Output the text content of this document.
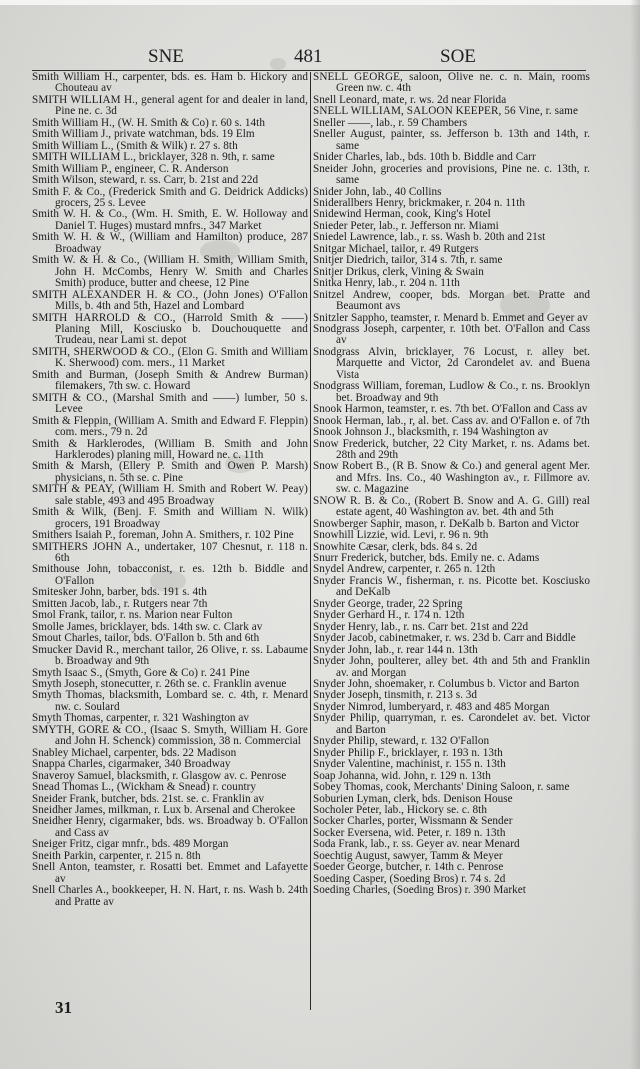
SNE	481	SOE

Smith William H., carpenter, bds. es. Ham b. Hickory and Chouteau av

SMITH WILLIAM H., general agent for and dealer in land, Pine ne. c. 3d

Smith William H., (W. H. Smith & Co) r. 60 s. 14th

Smith William J., private watchman, bds. 19 Elm

Smith William L., (Smith & Wilk) r. 27 s. 8th

SMITH WILLIAM L., bricklayer, 328 n. 9th, r. same

Smith William P., engineer, C. R. Anderson

Smith Wilson, steward, r. ss. Carr, b. 21st and 22d

Smith F. & Co., (Frederick Smith and G. Deidrick Addicks) grocers, 25 s. Levee

Smith W. H. & Co., (Wm. H. Smith, E. W. Holloway and Daniel T. Huges) mustard mnfrs., 347 Market

Smith W. H. & W., (William and Hamilton) produce, 287 Broadway

Smith W. & H. & Co., (William H. Smith, William Smith, John H. McCombs, Henry W. Smith and Charles Smith) produce, butter and cheese, 12 Pine

SMITH ALEXANDER H. & CO., (John Jones) O'Fallon Mills, b. 4th and 5th, Hazel and Lombard

SMITH HARROLD & CO., (Harrold Smith & ——) Planing Mill, Kosciusko b. Douchouquette and Trudeau, near Lami st. depot

SMITH, SHERWOOD & CO., (Elon G. Smith and William K. Sherwood) com. mers., 11 Market

Smith and Burman, (Joseph Smith & Andrew Burman) filemakers, 7th sw. c. Howard

SMITH & CO., (Marshal Smith and ——) lumber, 50 s. Levee

Smith & Fleppin, (William A. Smith and Edward F. Fleppin) com. mers., 79 n. 2d

Smith & Harklerodes, (William B. Smith and John Harklerodes) planing mill, Howard ne. c. 11th

Smith & Marsh, (Ellery P. Smith and Owen P. Marsh) physicians, n. 5th se. c. Pine

SMITH & PEAY, (William H. Smith and Robert W. Peay) sale stable, 493 and 495 Broadway

Smith & Wilk, (Benj. F. Smith and William N. Wilk) grocers, 191 Broadway

Smithers Isaiah P., foreman, John A. Smithers, r. 102 Pine

SMITHERS JOHN A., undertaker, 107 Chesnut, r. 118 n. 6th

Smithouse John, tobacconist, r. es. 12th b. Biddle and O'Fallon

Smitesker John, barber, bds. 191 s. 4th

Smitten Jacob, lab., r. Rutgers near 7th

Smol Frank, tailor, r. ns. Marion near Fulton

Smolle James, bricklayer, bds. 14th sw. c. Clark av

Smout Charles, tailor, bds. O'Fallon b. 5th and 6th

Smucker David R., merchant tailor, 26 Olive, r. ss. Labaume b. Broadway and 9th

Smyth Isaac S., (Smyth, Gore & Co) r. 241 Pine

Smyth Joseph, stonecutter, r. 26th se. c. Franklin avenue

Smyth Thomas, blacksmith, Lombard se. c. 4th, r. Menard nw. c. Soulard

Smyth Thomas, carpenter, r. 321 Washington av

SMYTH, GORE & CO., (Isaac S. Smyth, William H. Gore and John H. Schenck) commission, 38 n. Commercial

Snabley Michael, carpenter, bds. 22 Madison

Snappa Charles, cigarmaker, 340 Broadway

Snaveroy Samuel, blacksmith, r. Glasgow av. c. Penrose

Snead Thomas L., (Wickham & Snead) r. country

Sneider Frank, butcher, bds. 21st. se. c. Franklin av

Sneidher James, milkman, r. Lux b. Arsenal and Cherokee

Sneidher Henry, cigarmaker, bds. ws. Broadway b. O'Fallon and Cass av

Sneiger Fritz, cigar mnfr., bds. 489 Morgan

Sneith Parkin, carpenter, r. 215 n. 8th

Snell Anton, teamster, r. Rosatti bet. Emmet and Lafayette av

Snell Charles A., bookkeeper, H. N. Hart, r. ns. Wash b. 24th and Pratte av

SNELL GEORGE, saloon, Olive ne. c. n. Main, rooms Green nw. c. 4th

Snell Leonard, mate, r. ws. 2d near Florida

SNELL WILLIAM, SALOON KEEPER, 56 Vine, r. same

Sneller ——, lab., r. 59 Chambers

Sneller August, painter, ss. Jefferson b. 13th and 14th, r. same

Snider Charles, lab., bds. 10th b. Biddle and Carr

Sneider John, groceries and provisions, Pine ne. c. 13th, r. same

Snider John, lab., 40 Collins

Sniderallbers Henry, brickmaker, r. 204 n. 11th

Snidewind Herman, cook, King's Hotel

Snieder Peter, lab., r. Jefferson nr. Miami

Sniedel Lawrence, lab., r. ss. Wash b. 20th and 21st

Snitgar Michael, tailor, r. 49 Rutgers

Snitjer Diedrich, tailor, 314 s. 7th, r. same

Snitjer Drikus, clerk, Vining & Swain

Snitka Henry, lab., r. 204 n. 11th

Snitzel Andrew, cooper, bds. Morgan bet. Pratte and Beaumont avs

Snitzler Sappho, teamster, r. Menard b. Emmet and Geyer av

Snodgrass Joseph, carpenter, r. 10th bet. O'Fallon and Cass av

Snodgrass Alvin, bricklayer, 76 Locust, r. alley bet. Marquette and Victor, 2d Carondelet av. and Buena Vista

Snodgrass William, foreman, Ludlow & Co., r. ns. Brooklyn bet. Broadway and 9th

Snook Harmon, teamster, r. es. 7th bet. O'Fallon and Cass av

Snook Herman, lab., r, al. bet. Cass av. and O'Fallon e. of 7th

Snook Johnson J., blacksmith, r. 194 Washington av

Snow Frederick, butcher, 22 City Market, r. ns. Adams bet. 28th and 29th

Snow Robert B., (R B. Snow & Co.) and general agent Mer. and Mfrs. Ins. Co., 40 Washington av., r. Fillmore av. sw. c. Magazine

SNOW R. B. & Co., (Robert B. Snow and A. G. Gill) real estate agent, 40 Washington av. bet. 4th and 5th

Snowberger Saphir, mason, r. DeKalb b. Barton and Victor

Snowhill Lizzie, wid. Levi, r. 96 n. 9th

Snowhite Cæsar, clerk, bds. 84 s. 2d

Snurr Frederick, butcher, bds. Emily ne. c. Adams

Snydel Andrew, carpenter, r. 265 n. 12th

Snyder Francis W., fisherman, r. ns. Picotte bet. Kosciusko and DeKalb

Snyder George, trader, 22 Spring

Snyder Gerhard H., r. 174 n. 12th

Snyder Henry, lab., r. ns. Carr bet. 21st and 22d

Snyder Jacob, cabinetmaker, r. ws. 23d b. Carr and Biddle

Snyder John, lab., r. rear 144 n. 13th

Snyder John, poulterer, alley bet. 4th and 5th and Franklin av. and Morgan

Snyder John, shoemaker, r. Columbus b. Victor and Barton

Snyder Joseph, tinsmith, r. 213 s. 3d

Snyder Nimrod, lumberyard, r. 483 and 485 Morgan

Snyder Philip, quarryman, r. es. Carondelet av. bet. Victor and Barton

Snyder Philip, steward, r. 132 O'Fallon

Snyder Philip F., bricklayer, r. 193 n. 13th

Snyder Valentine, machinist, r. 155 n. 13th

Soap Johanna, wid. John, r. 129 n. 13th

Sobey Thomas, cook, Merchants' Dining Saloon, r. same

Soburien Lyman, clerk, bds. Denison House

Socholer Peter, lab., Hickory se. c. 8th

Socker Charles, porter, Wissmann & Sender

Socker Eversena, wid. Peter, r. 189 n. 13th

Soda Frank, lab., r. ss. Geyer av. near Menard

Soechtig August, sawyer, Tamm & Meyer

Soeder George, butcher, r. 14th c. Penrose

Soeding Casper, (Soeding Bros) r. 74 s. 2d

Soeding Charles, (Soeding Bros) r. 390 Market

31
